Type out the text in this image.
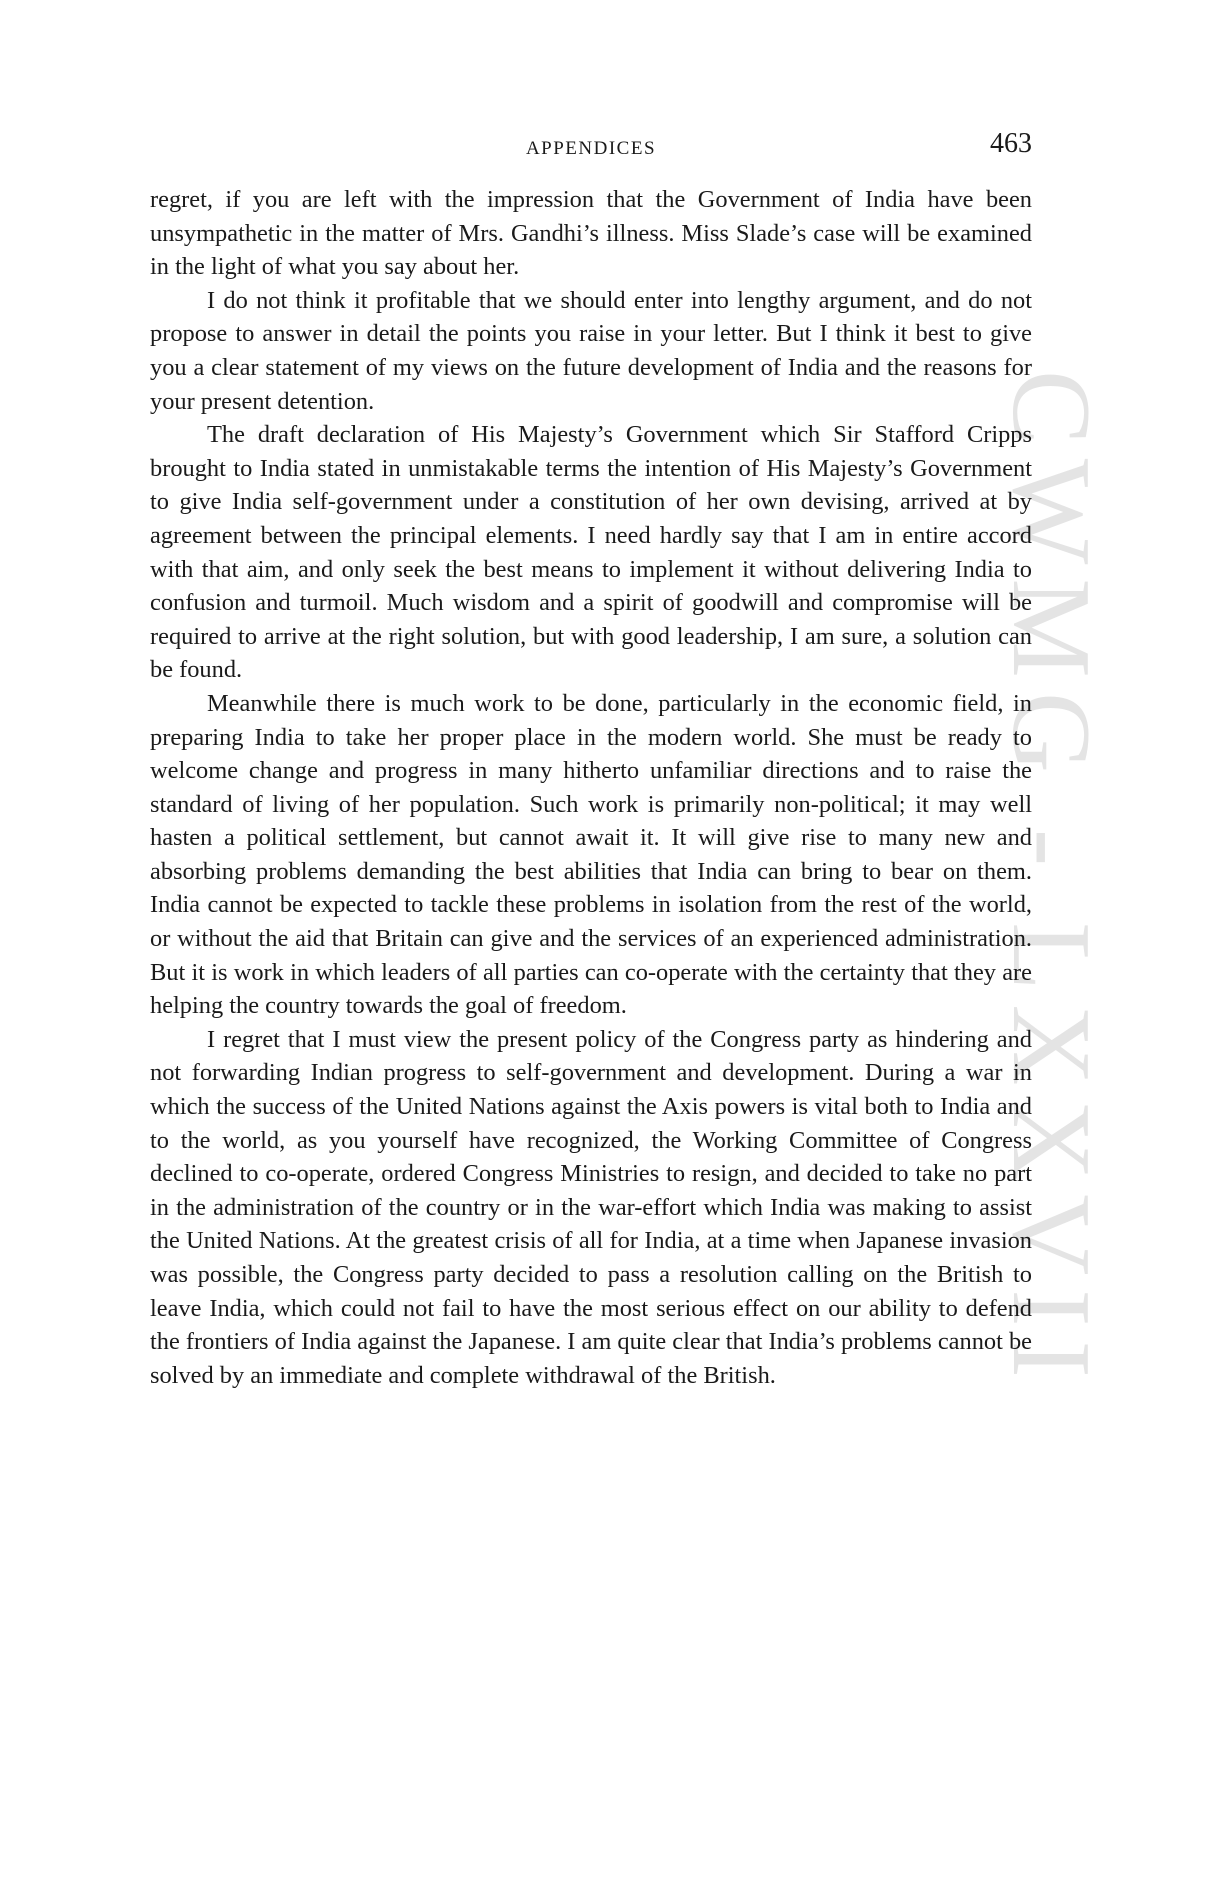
CWMG - LXXVII
APPENDICES	463

regret, if you are left with the impression that the Government of India have been unsympathetic in the matter of Mrs. Gandhi’s illness. Miss Slade’s case will be examined in the light of what you say about her.

I do not think it profitable that we should enter into lengthy argument, and do not propose to answer in detail the points you raise in your letter. But I think it best to give you a clear statement of my views on the future development of India and the reasons for your present detention.

The draft declaration of His Majesty’s Government which Sir Stafford Cripps brought to India stated in unmistakable terms the intention of His Majesty’s Government to give India self-government under a constitution of her own devising, arrived at by agreement between the principal elements. I need hardly say that I am in entire accord with that aim, and only seek the best means to implement it without delivering India to confusion and turmoil. Much wisdom and a spirit of goodwill and compromise will be required to arrive at the right solution, but with good leadership, I am sure, a solution can be found.

Meanwhile there is much work to be done, particularly in the economic field, in preparing India to take her proper place in the modern world. She must be ready to welcome change and progress in many hitherto unfamiliar directions and to raise the standard of living of her population. Such work is primarily non-political; it may well hasten a political settlement, but cannot await it. It will give rise to many new and absorbing problems demanding the best abilities that India can bring to bear on them. India cannot be expected to tackle these problems in isolation from the rest of the world, or without the aid that Britain can give and the services of an experienced administration. But it is work in which leaders of all parties can co-operate with the certainty that they are helping the country towards the goal of freedom.

I regret that I must view the present policy of the Congress party as hindering and not forwarding Indian progress to self-government and development. During a war in which the success of the United Nations against the Axis powers is vital both to India and to the world, as you yourself have recognized, the Working Committee of Congress declined to co-operate, ordered Congress Ministries to resign, and decided to take no part in the administration of the country or in the war-effort which India was making to assist the United Nations. At the greatest crisis of all for India, at a time when Japanese invasion was possible, the Congress party decided to pass a resolution calling on the British to leave India, which could not fail to have the most serious effect on our ability to defend the frontiers of India against the Japanese. I am quite clear that India’s problems cannot be solved by an immediate and complete withdrawal of the British.
